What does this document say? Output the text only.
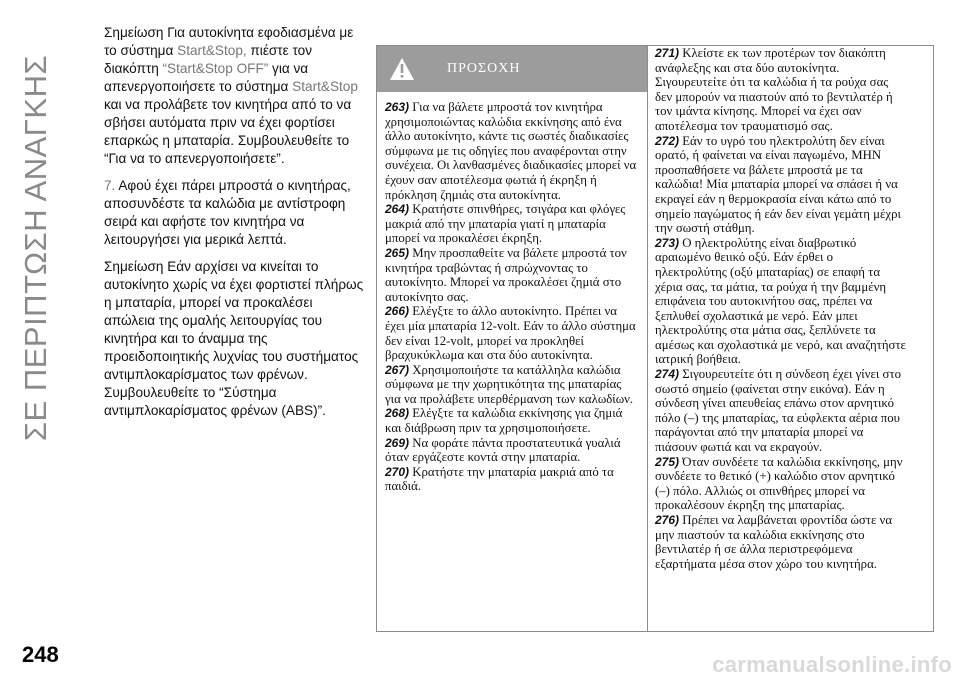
ΣΕ ΠΕΡΙΠΤΩΣΗ ΑΝΑΓΚΗΣ

Σημείωση Για αυτοκίνητα εφοδιασμένα με το σύστημα Start&Stop, πιέστε τον διακόπτη “Start&Stop OFF” για να απενεργοποιήσετε το σύστημα Start&Stop και να προλάβετε τον κινητήρα από το να σβήσει αυτόματα πριν να έχει φορτίσει επαρκώς η μπαταρία. Συμβουλευθείτε το “Για να το απενεργοποιήσετε”.

7. Αφού έχει πάρει μπροστά ο κινητήρας, αποσυνδέστε τα καλώδια με αντίστροφη σειρά και αφήστε τον κινητήρα να λειτουργήσει για μερικά λεπτά.

Σημείωση Εάν αρχίσει να κινείται το αυτοκίνητο χωρίς να έχει φορτιστεί πλήρως η μπαταρία, μπορεί να προκαλέσει απώλεια της ομαλής λειτουργίας του κινητήρα και το άναμμα της προειδοποιητικής λυχνίας του συστήματος αντιμπλοκαρίσματος των φρένων. Συμβουλευθείτε το “Σύστημα αντιμπλοκαρίσματος φρένων (ABS)”.

ΠΡΟΣΟΧΗ

263) Για να βάλετε μπροστά τον κινητήρα χρησιμοποιώντας καλώδια εκκίνησης από ένα άλλο αυτοκίνητο, κάντε τις σωστές διαδικασίες σύμφωνα με τις οδηγίες που αναφέρονται στην συνέχεια. Οι λανθασμένες διαδικασίες μπορεί να έχουν σαν αποτέλεσμα φωτιά ή έκρηξη ή πρόκληση ζημιάς στα αυτοκίνητα.

264) Κρατήστε σπινθήρες, τσιγάρα και φλόγες μακριά από την μπαταρία γιατί η μπαταρία μπορεί να προκαλέσει έκρηξη.

265) Μην προσπαθείτε να βάλετε μπροστά τον κινητήρα τραβώντας ή σπρώχνοντας το αυτοκίνητο. Μπορεί να προκαλέσει ζημιά στο αυτοκίνητο σας.

266) Ελέγξτε το άλλο αυτοκίνητο. Πρέπει να έχει μία μπαταρία 12-volt. Εάν το άλλο σύστημα δεν είναι 12-volt, μπορεί να προκληθεί βραχυκύκλωμα και στα δύο αυτοκίνητα.

267) Χρησιμοποιήστε τα κατάλληλα καλώδια σύμφωνα με την χωρητικότητα της μπαταρίας για να προλάβετε υπερθέρμανση των καλωδίων.

268) Ελέγξτε τα καλώδια εκκίνησης για ζημιά και διάβρωση πριν τα χρησιμοποιήσετε.

269) Να φοράτε πάντα προστατευτικά γυαλιά όταν εργάζεστε κοντά στην μπαταρία.

270) Κρατήστε την μπαταρία μακριά από τα παιδιά.

271) Κλείστε εκ των προτέρων τον διακόπτη ανάφλεξης και στα δύο αυτοκίνητα. Σιγουρευτείτε ότι τα καλώδια ή τα ρούχα σας δεν μπορούν να πιαστούν από το βεντιλατέρ ή τον ιμάντα κίνησης. Μπορεί να έχει σαν αποτέλεσμα τον τραυματισμό σας.

272) Εάν το υγρό του ηλεκτρολύτη δεν είναι ορατό, ή φαίνεται να είναι παγωμένο, ΜΗΝ προσπαθήσετε να βάλετε μπροστά με τα καλώδια! Μία μπαταρία μπορεί να σπάσει ή να εκραγεί εάν η θερμοκρασία είναι κάτω από το σημείο παγώματος ή εάν δεν είναι γεμάτη μέχρι την σωστή στάθμη.

273) Ο ηλεκτρολύτης είναι διαβρωτικό αραιωμένο θειικό οξύ. Εάν έρθει ο ηλεκτρολύτης (οξύ μπαταρίας) σε επαφή τα χέρια σας, τα μάτια, τα ρούχα ή την βαμμένη επιφάνεια του αυτοκινήτου σας, πρέπει να ξεπλυθεί σχολαστικά με νερό. Εάν μπει ηλεκτρολύτης στα μάτια σας, ξεπλύνετε τα αμέσως και σχολαστικά με νερό, και αναζητήστε ιατρική βοήθεια.

274) Σιγουρευτείτε ότι η σύνδεση έχει γίνει στο σωστό σημείο (φαίνεται στην εικόνα). Εάν η σύνδεση γίνει απευθείας επάνω στον αρνητικό πόλο (–) της μπαταρίας, τα εύφλεκτα αέρια που παράγονται από την μπαταρία μπορεί να πιάσουν φωτιά και να εκραγούν.

275) Όταν συνδέετε τα καλώδια εκκίνησης, μην συνδέετε το θετικό (+) καλώδιο στον αρνητικό (–) πόλο. Αλλιώς οι σπινθήρες μπορεί να προκαλέσουν έκρηξη της μπαταρίας.

276) Πρέπει να λαμβάνεται φροντίδα ώστε να μην πιαστούν τα καλώδια εκκίνησης στο βεντιλατέρ ή σε άλλα περιστρεφόμενα εξαρτήματα μέσα στον χώρο του κινητήρα.

248	carmanualsonline.info
